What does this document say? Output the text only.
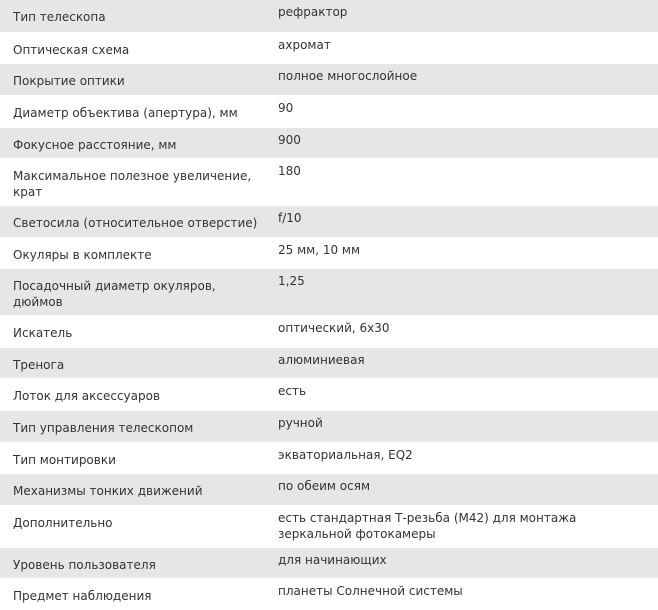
Тип телескопа	рефрактор
Оптическая схема	ахромат
Покрытие оптики	полное многослойное
Диаметр объектива (апертура), мм	90
Фокусное расстояние, мм	900
Максимальное полезное увеличение, крат	180
Светосила (относительное отверстие)	f/10
Окуляры в комплекте	25 мм, 10 мм
Посадочный диаметр окуляров, дюймов	1,25
Искатель	оптический, 6х30
Тренога	алюминиевая
Лоток для аксессуаров	есть
Тип управления телескопом	ручной
Тип монтировки	экваториальная, EQ2
Механизмы тонких движений	по обеим осям
Дополнительно	есть стандартная Т-резьба (М42) для монтажа зеркальной фотокамеры
Уровень пользователя	для начинающих
Предмет наблюдения	планеты Солнечной системы
